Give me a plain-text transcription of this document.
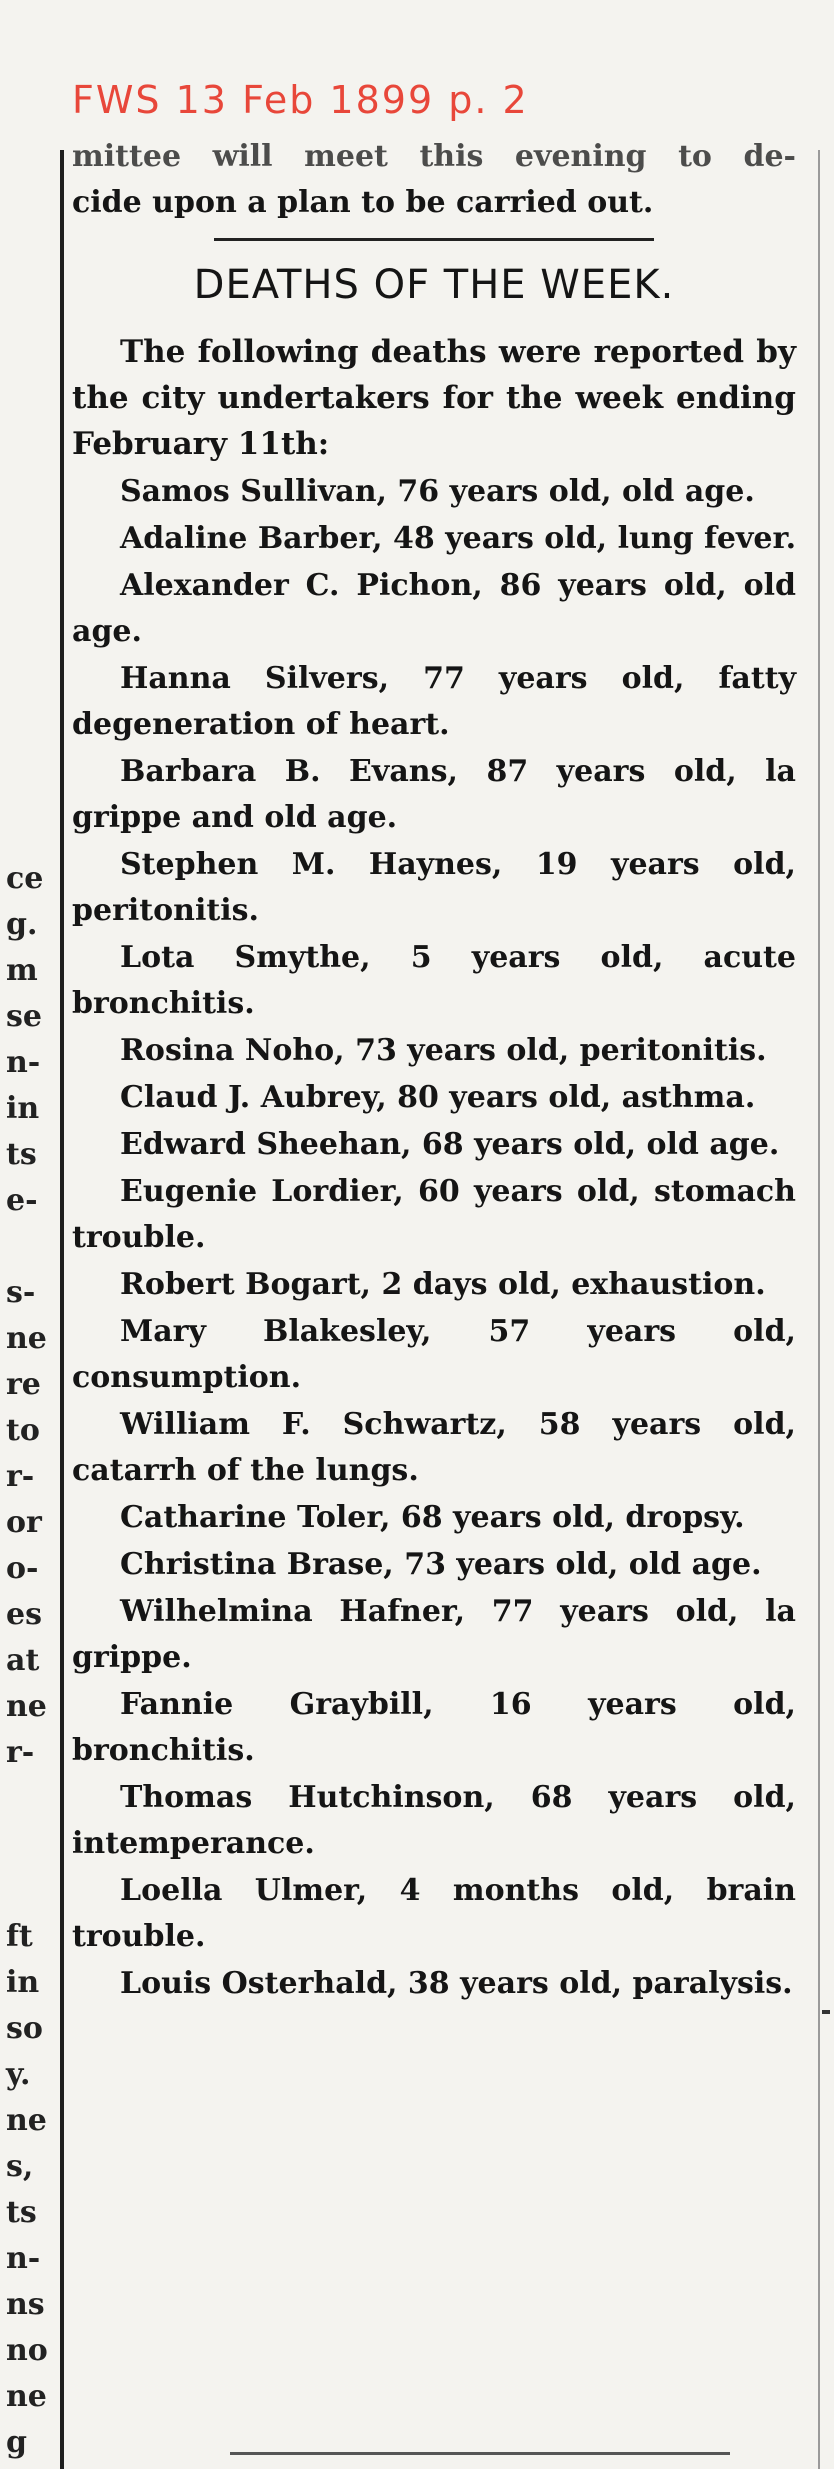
FWS 13 Feb 1899 p. 2
ce
g.
m
se
n-
in
ts
e-
s-
ne
re
to
r-
or
o-
es
at
ne
r-
ft
in
so
y.
ne
s,
ts
n-
ns
no
ne
g
mittee will meet this evening to de-
cide upon a plan to be carried out.
DEATHS OF THE WEEK.

The following deaths were reported by the city undertakers for the week ending February 11th:

Samos Sullivan, 76 years old, old age.

Adaline Barber, 48 years old, lung fever.

Alexander C. Pichon, 86 years old, old age.

Hanna Silvers, 77 years old, fatty degeneration of heart.

Barbara B. Evans, 87 years old, la grippe and old age.

Stephen M. Haynes, 19 years old, peritonitis.

Lota Smythe, 5 years old, acute bronchitis.

Rosina Noho, 73 years old, peritonitis.

Claud J. Aubrey, 80 years old, asthma.

Edward Sheehan, 68 years old, old age.

Eugenie Lordier, 60 years old, stomach trouble.

Robert Bogart, 2 days old, exhaustion.

Mary Blakesley, 57 years old, consumption.

William F. Schwartz, 58 years old, catarrh of the lungs.

Catharine Toler, 68 years old, dropsy.

Christina Brase, 73 years old, old age.

Wilhelmina Hafner, 77 years old, la grippe.

Fannie Graybill, 16 years old, bronchitis.

Thomas Hutchinson, 68 years old, intemperance.

Loella Ulmer, 4 months old, brain trouble.

Louis Osterhald, 38 years old, paralysis.
